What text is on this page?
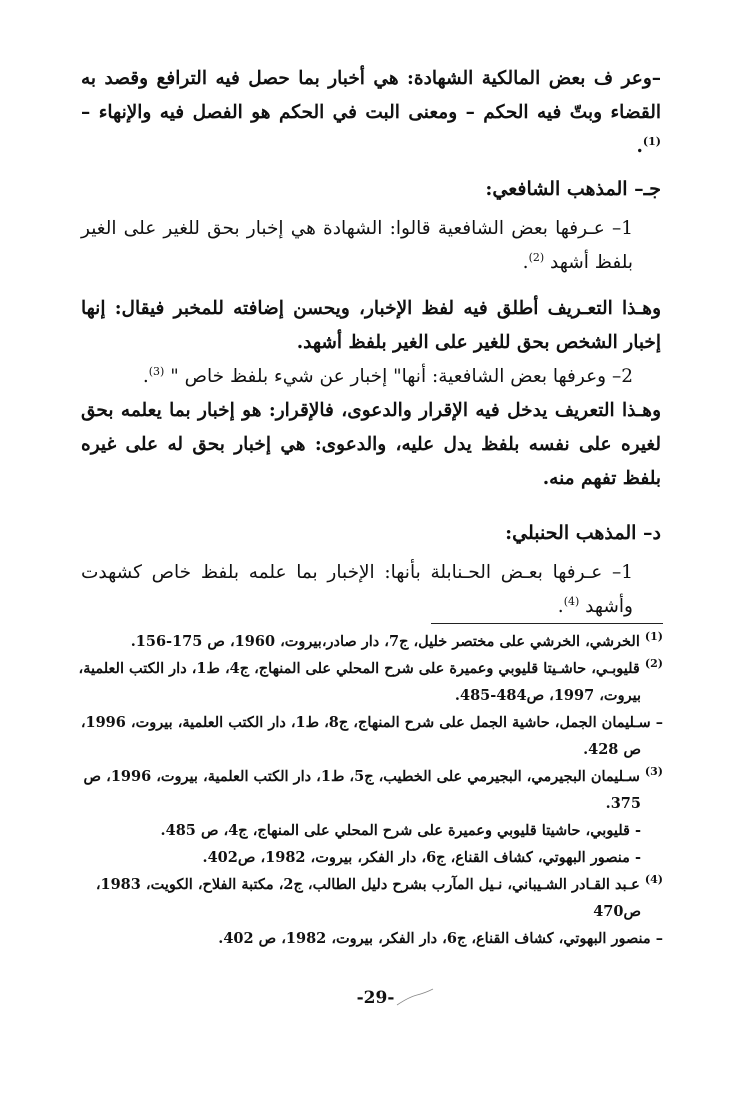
–وعر ف بعض المالكية الشهادة: هي أخبار بما حصل فيه الترافع وقصد به القضاء وبتّ فيه الحكم – ومعنى البت في الحكم هو الفصل فيه والإنهاء – $^{(1)}$.

جـ– المذهب الشافعي:

1– عـرفها بعض الشافعية قالوا: الشهادة هي إخبار بحق للغير على الغير بلفظ أشهد $^{(2)}$.

وهـذا التعـريف أطلق فيه لفظ الإخبار، ويحسن إضافته للمخبر فيقال: إنها إخبار الشخص بحق للغير على الغير بلفظ أشهد.

2– وعرفها بعض الشافعية: أنها" إخبار عن شيء بلفظ خاص " $^{(3)}$.

وهـذا التعريف يدخل فيه الإقرار والدعوى، فالإقرار: هو إخبار بما يعلمه بحق لغيره على نفسه بلفظ يدل عليه، والدعوى: هي إخبار بحق له على غيره بلفظ تفهم منه.

د– المذهب الحنبلي:

1– عـرفها بعـض الحـنابلة بأنها: الإخبار بما علمه بلفظ خاص كشهدت وأشهد $^{(4)}$.

$^{(1)}$ الخرشي، الخرشي على مختصر خليل، ج7، دار صادر،بيروت، 1960، ص 175-156.

$^{(2)}$ قليوبـي، حاشـيتا قليوبي وعميرة على شرح المحلي على المنهاج، ج4، ط1، دار الكتب العلمية،

بيروت، 1997، ص484-485.

– سـليمان الجمل، حاشية الجمل على شرح المنهاج، ج8، ط1، دار الكتب العلمية، بيروت، 1996،

ص 428.

$^{(3)}$ سـليمان البجيرمي، البجيرمي على الخطيب، ج5، ط1، دار الكتب العلمية، بيروت، 1996، ص

375.

- قليوبي، حاشيتا قليوبي وعميرة على شرح المحلي على المنهاج، ج4، ص 485.

- منصور البهوتي، كشاف القناع، ج6، دار الفكر، بيروت، 1982، ص402.

$^{(4)}$ عـبد القـادر الشـيباني، نـيل المآرب بشرح دليل الطالب، ج2، مكتبة الفلاح، الكويت، 1983،

ص470

– منصور البهوتي، كشاف القناع، ج6، دار الفكر، بيروت، 1982، ص 402.

-29-
